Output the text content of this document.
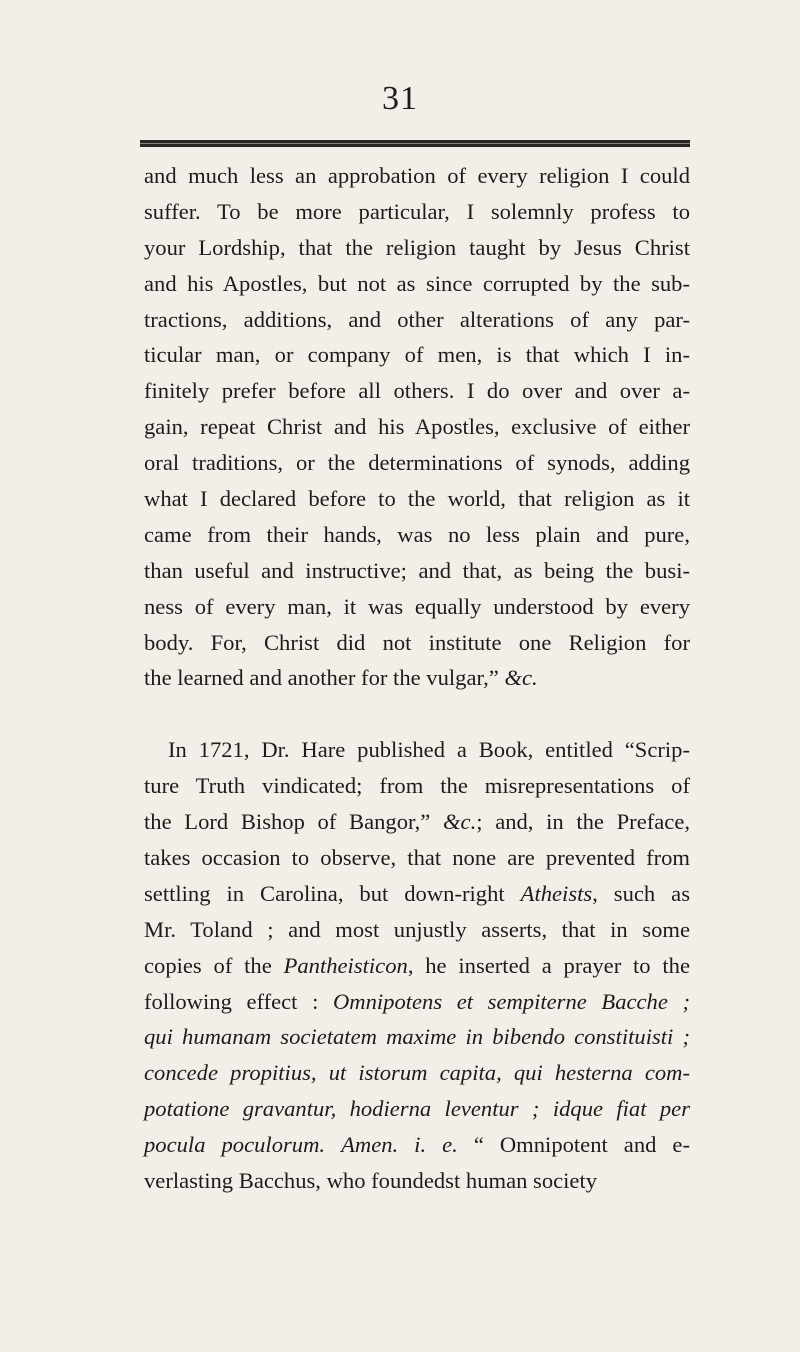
31
and much less an approbation of every religion I could
suffer. To be more particular, I solemnly profess to
your Lordship, that the religion taught by Jesus Christ
and his Apostles, but not as since corrupted by the sub-
tractions, additions, and other alterations of any par-
ticular man, or company of men, is that which I in-
finitely prefer before all others. I do over and over a-
gain, repeat Christ and his Apostles, exclusive of either
oral traditions, or the determinations of synods, adding
what I declared before to the world, that religion as it
came from their hands, was no less plain and pure,
than useful and instructive; and that, as being the busi-
ness of every man, it was equally understood by every
body. For, Christ did not institute one Religion for
the learned and another for the vulgar,” &c.
In 1721, Dr. Hare published a Book, entitled “Scrip-
ture Truth vindicated; from the misrepresentations of
the Lord Bishop of Bangor,” &c.; and, in the Preface,
takes occasion to observe, that none are prevented from
settling in Carolina, but down-right Atheists, such as
Mr. Toland ; and most unjustly asserts, that in some
copies of the Pantheisticon, he inserted a prayer to the
following effect : Omnipotens et sempiterne Bacche ;
qui humanam societatem maxime in bibendo constituisti ;
concede propitius, ut istorum capita, qui hesterna com-
potatione gravantur, hodierna leventur ; idque fiat per
pocula poculorum. Amen. i. e. “ Omnipotent and e-
verlasting Bacchus, who foundedst human society
